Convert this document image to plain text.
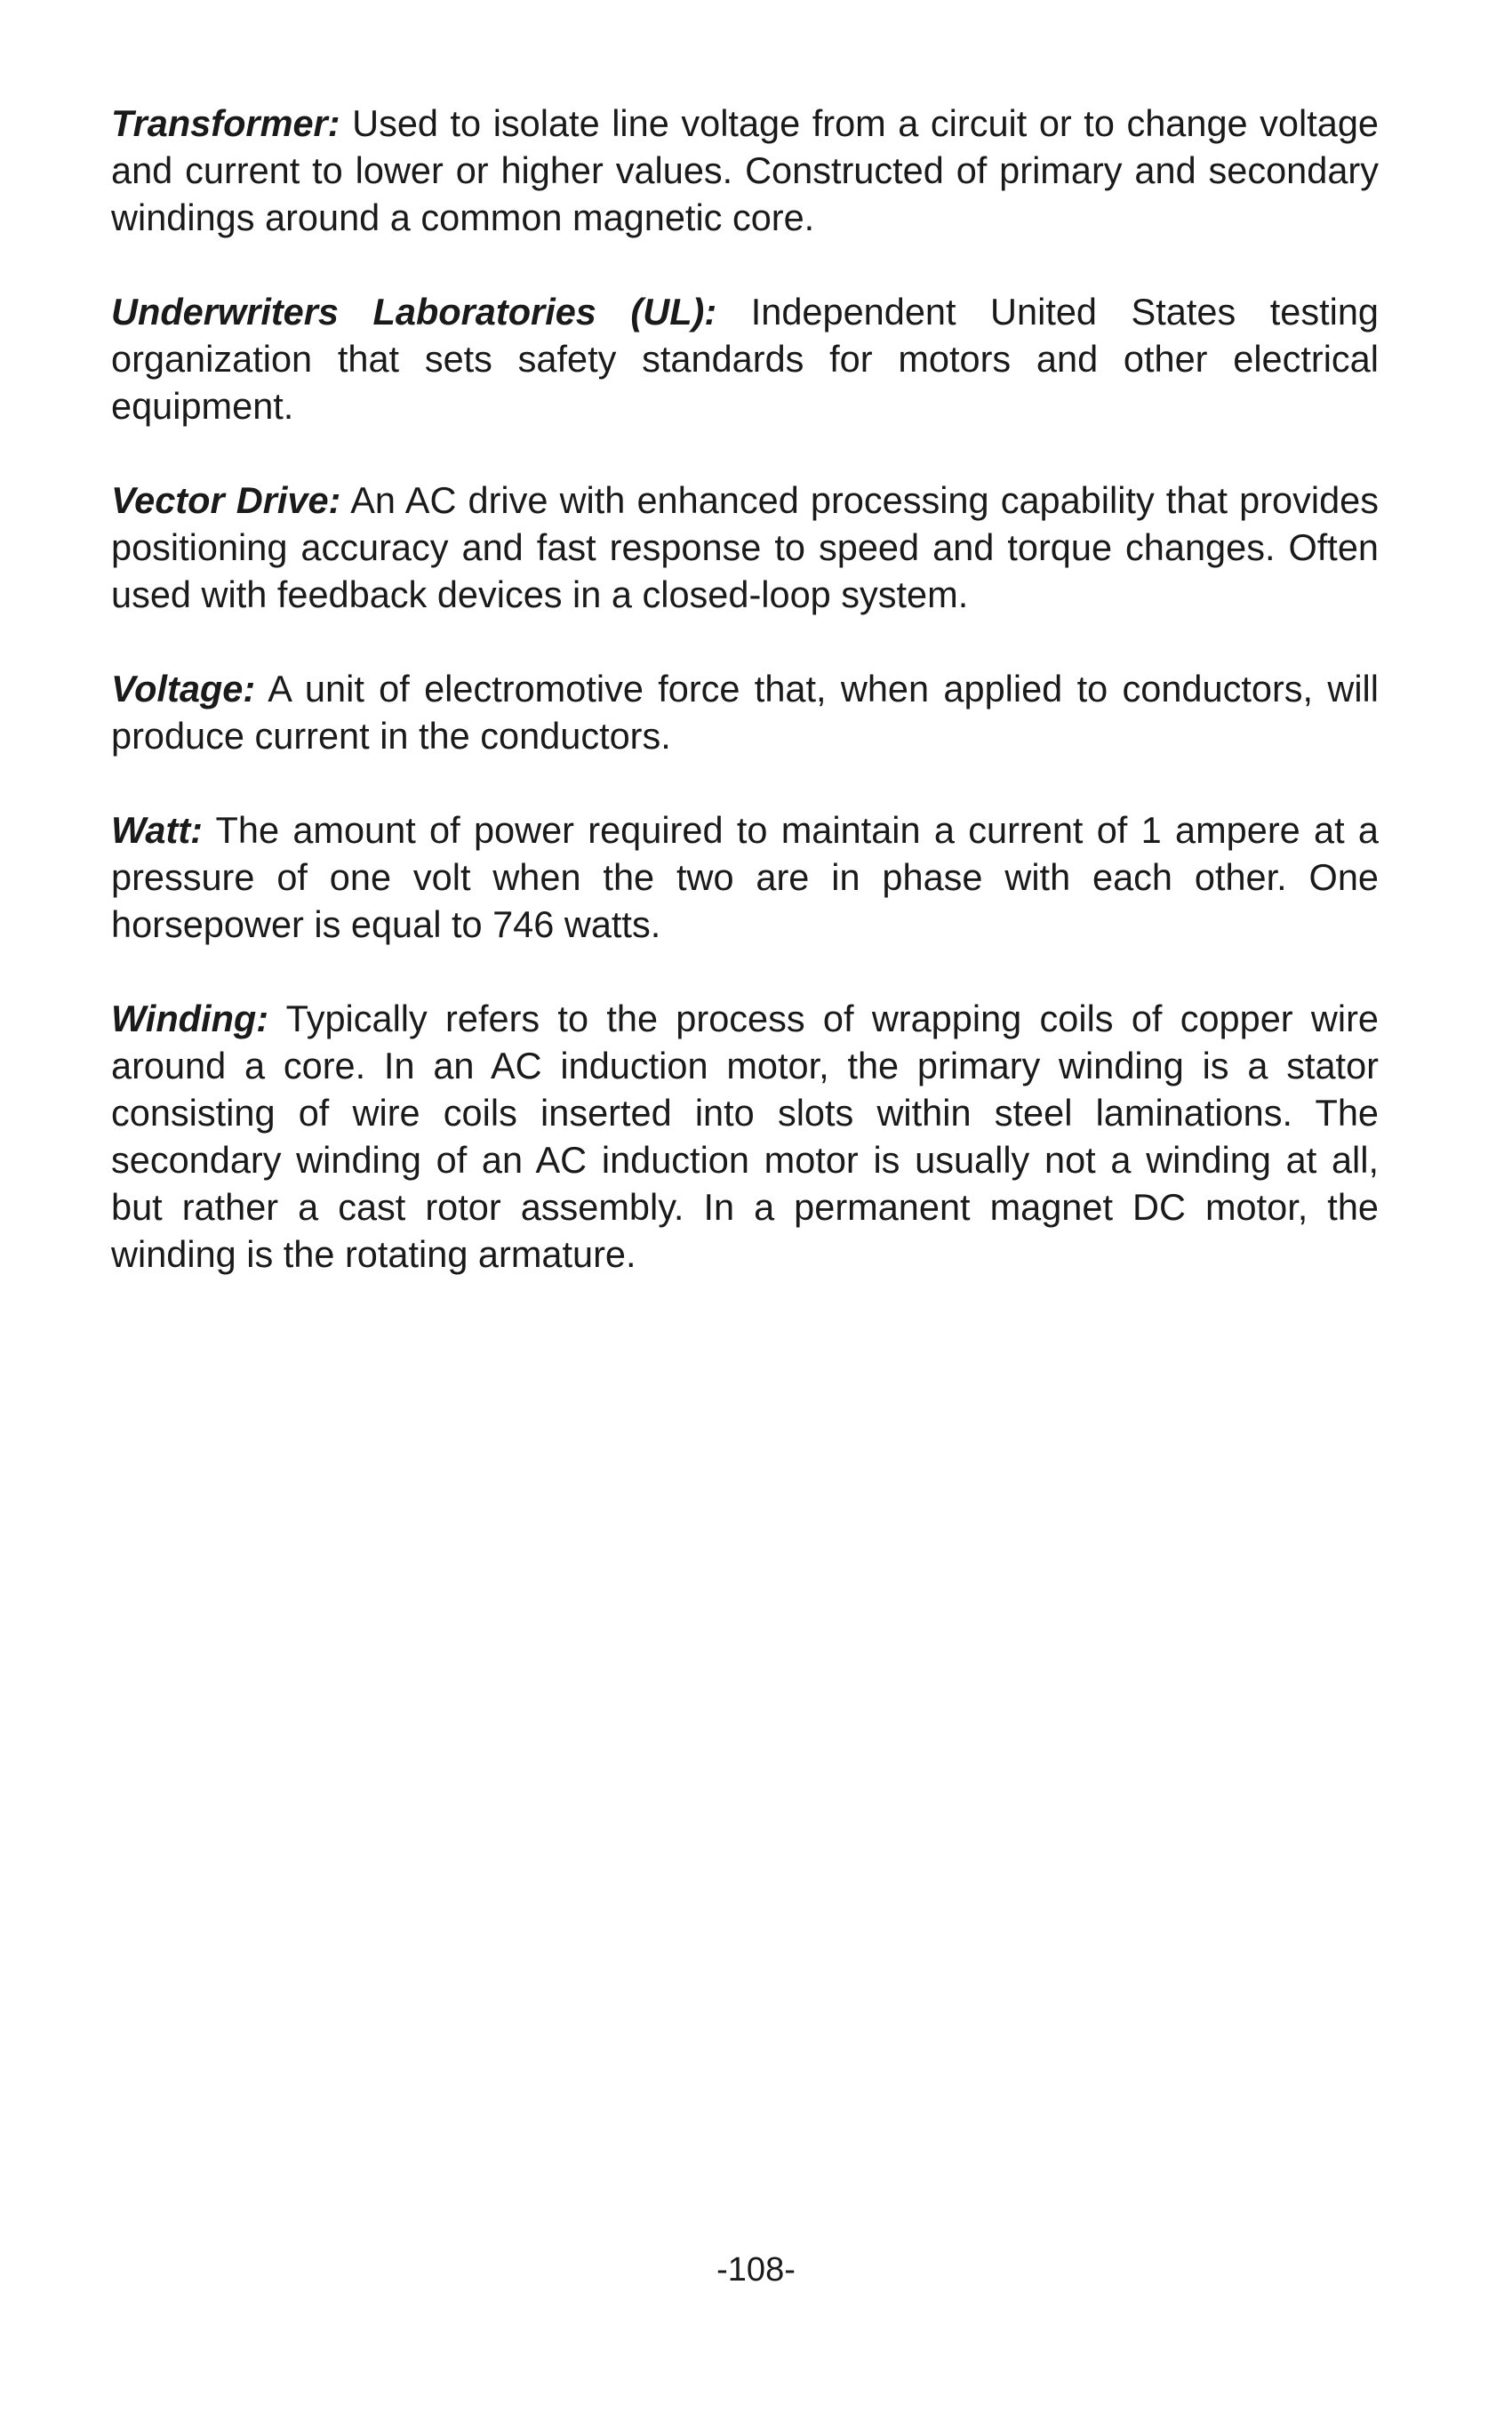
Transformer: Used to isolate line voltage from a circuit or to change voltage and current to lower or higher values. Constructed of primary and secondary windings around a common magnetic core.

Underwriters Laboratories (UL): Independent United States testing organization that sets safety standards for motors and other electrical equipment.

Vector Drive: An AC drive with enhanced processing capability that provides positioning accuracy and fast response to speed and torque changes. Often used with feedback devices in a closed-loop system.

Voltage: A unit of electromotive force that, when applied to conductors, will produce current in the conductors.

Watt: The amount of power required to maintain a current of 1 ampere at a pressure of one volt when the two are in phase with each other. One horsepower is equal to 746 watts.

Winding: Typically refers to the process of wrapping coils of copper wire around a core. In an AC induction motor, the primary winding is a stator consisting of wire coils inserted into slots within steel laminations. The secondary winding of an AC induction motor is usually not a winding at all, but rather a cast rotor assembly. In a permanent magnet DC motor, the winding is the rotating armature.

-108-
